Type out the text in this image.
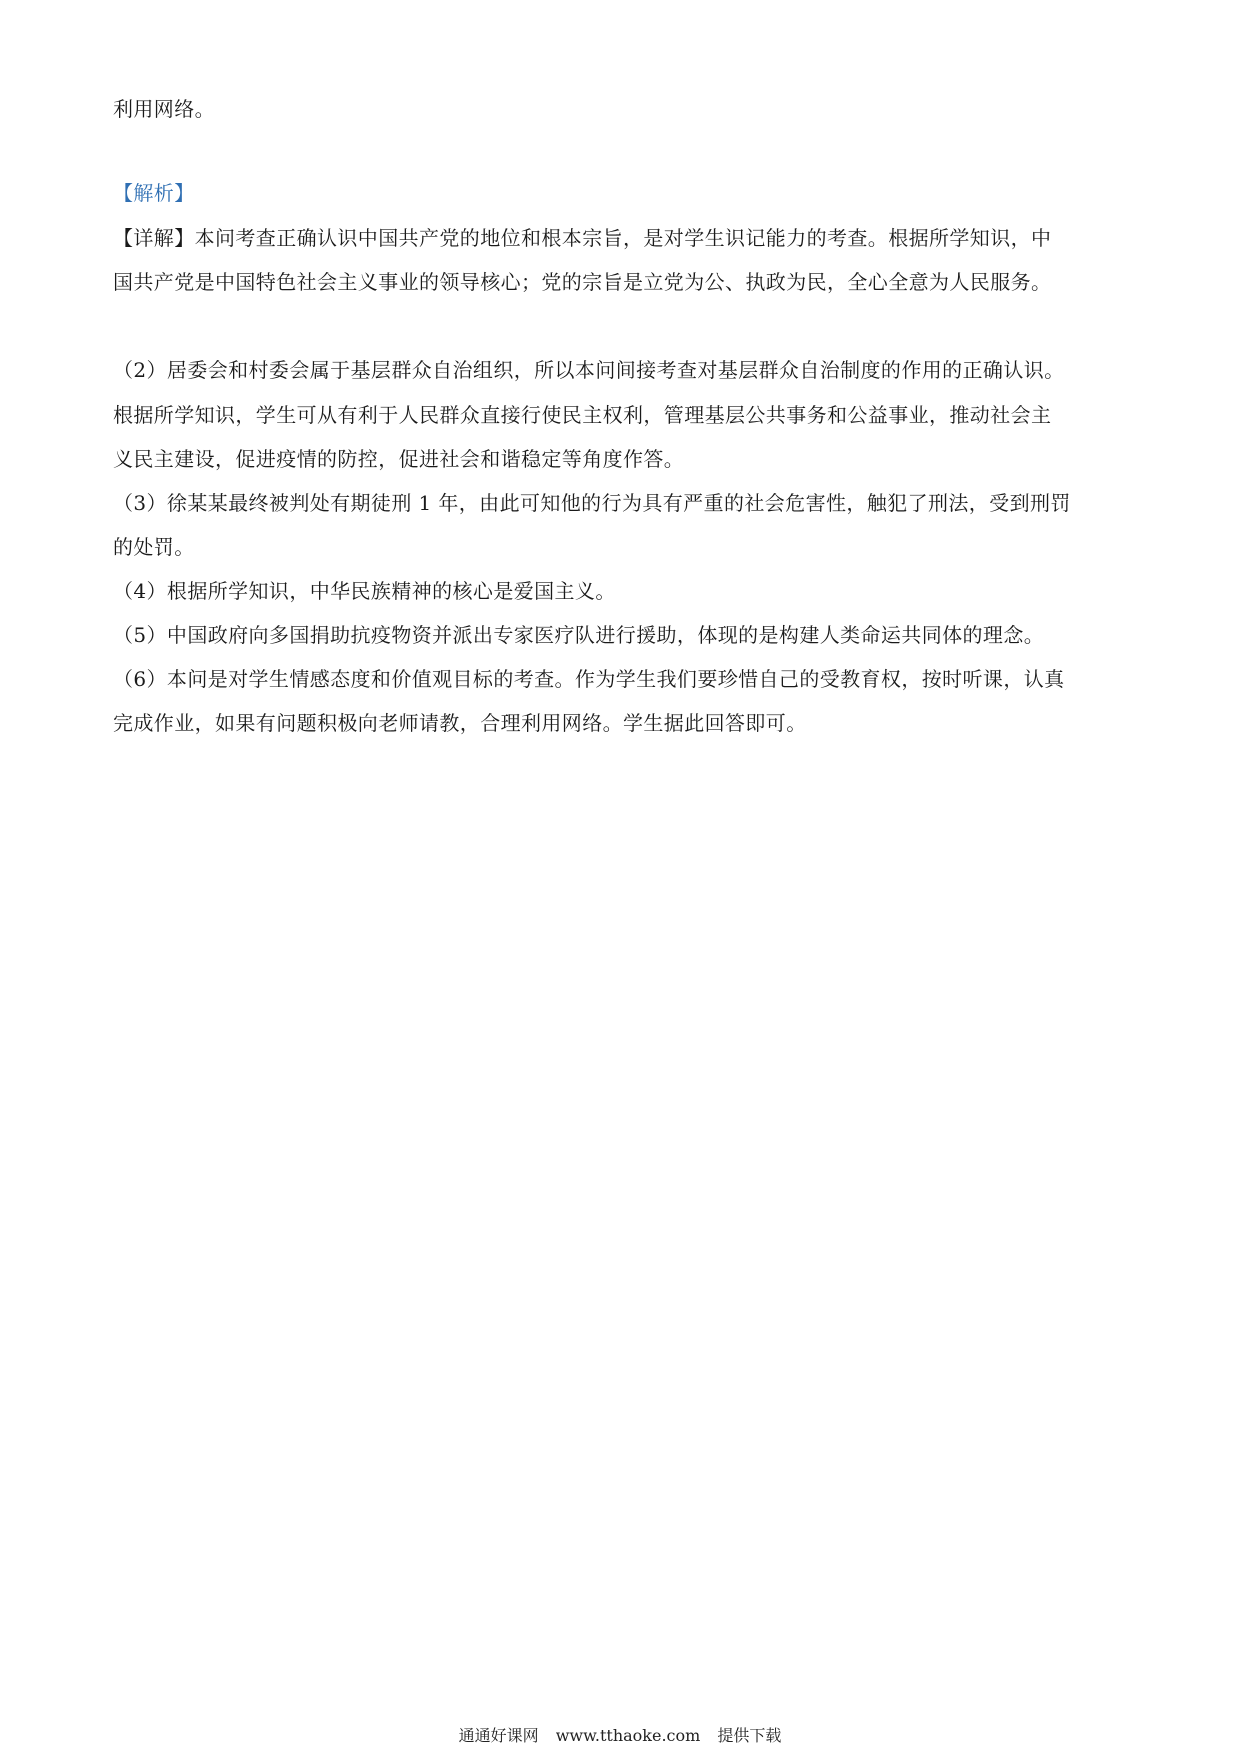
利用网络。
【解析】
【详解】本问考查正确认识中国共产党的地位和根本宗旨，是对学生识记能力的考查。根据所学知识，中
国共产党是中国特色社会主义事业的领导核心；党的宗旨是立党为公、执政为民，全心全意为人民服务。
（2）居委会和村委会属于基层群众自治组织，所以本问间接考查对基层群众自治制度的作用的正确认识。
根据所学知识，学生可从有利于人民群众直接行使民主权利，管理基层公共事务和公益事业，推动社会主
义民主建设，促进疫情的防控，促进社会和谐稳定等角度作答。
（3）徐某某最终被判处有期徒刑 1 年，由此可知他的行为具有严重的社会危害性，触犯了刑法，受到刑罚
的处罚。
（4）根据所学知识，中华民族精神的核心是爱国主义。
（5）中国政府向多国捐助抗疫物资并派出专家医疗队进行援助，体现的是构建人类命运共同体的理念。
（6）本问是对学生情感态度和价值观目标的考查。作为学生我们要珍惜自己的受教育权，按时听课，认真
完成作业，如果有问题积极向老师请教，合理利用网络。学生据此回答即可。
通通好课网 www.tthaoke.com 提供下载
